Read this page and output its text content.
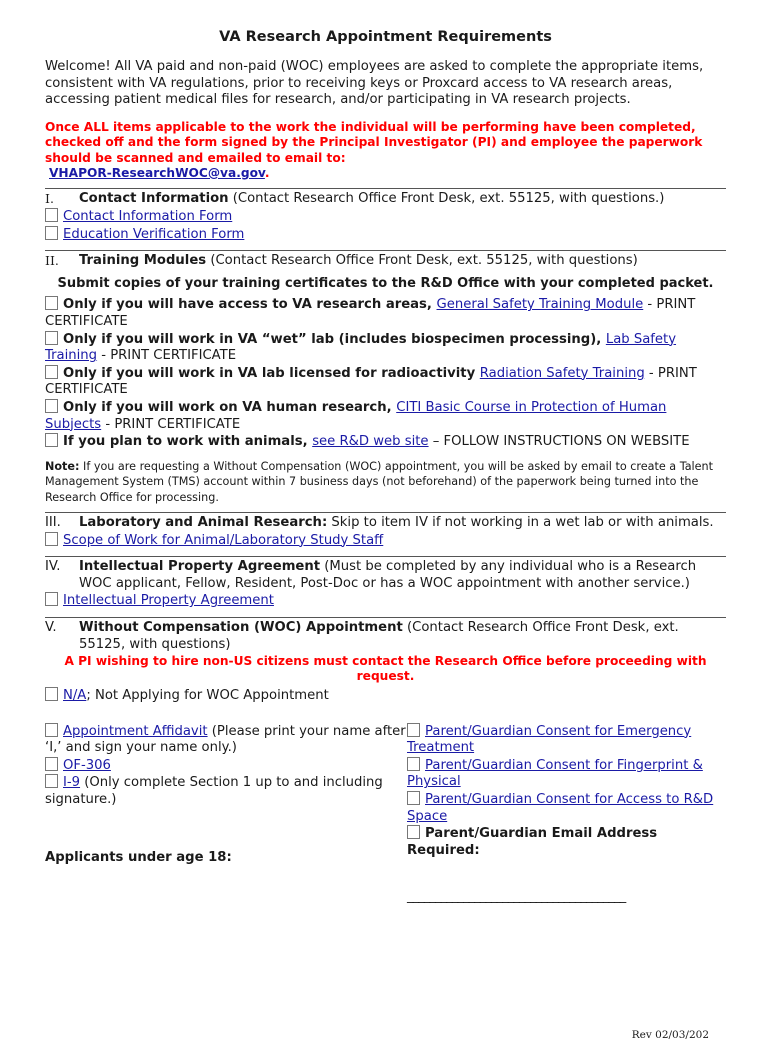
VA Research Appointment Requirements
Welcome! All VA paid and non-paid (WOC) employees are asked to complete the appropriate items, consistent with VA regulations, prior to receiving keys or Proxcard access to VA research areas, accessing patient medical files for research, and/or participating in VA research projects.
Once ALL items applicable to the work the individual will be performing have been completed, checked off and the form signed by the Principal Investigator (PI) and employee the paperwork should be scanned and emailed to email to:
VHAPOR-ResearchWOC@va.gov.
I.	Contact Information (Contact Research Office Front Desk, ext. 55125, with questions.)
Contact Information Form
Education Verification Form
II.	Training Modules (Contact Research Office Front Desk, ext. 55125, with questions)
Submit copies of your training certificates to the R&D Office with your completed packet.
Only if you will have access to VA research areas, General Safety Training Module - PRINT CERTIFICATE
Only if you will work in VA “wet” lab (includes biospecimen processing), Lab Safety Training - PRINT CERTIFICATE
Only if you will work in VA lab licensed for radioactivity Radiation Safety Training - PRINT CERTIFICATE
Only if you will work on VA human research, CITI Basic Course in Protection of Human Subjects - PRINT CERTIFICATE
If you plan to work with animals, see R&D web site – FOLLOW INSTRUCTIONS ON WEBSITE
Note: If you are requesting a Without Compensation (WOC) appointment, you will be asked by email to create a Talent Management System (TMS) account within 7 business days (not beforehand) of the paperwork being turned into the Research Office for processing.
III.	Laboratory and Animal Research: Skip to item IV if not working in a wet lab or with animals.
Scope of Work for Animal/Laboratory Study Staff
IV.	Intellectual Property Agreement (Must be completed by any individual who is a Research WOC applicant, Fellow, Resident, Post-Doc or has a WOC appointment with another service.)
Intellectual Property Agreement
V.	Without Compensation (WOC) Appointment (Contact Research Office Front Desk, ext. 55125, with questions)
A PI wishing to hire non-US citizens must contact the Research Office before proceeding with request.
N/A; Not Applying for WOC Appointment
Appointment Affidavit (Please print your name after ‘I,’ and sign your name only.)
OF-306
I-9 (Only complete Section 1 up to and including signature.)
Applicants under age 18:
Parent/Guardian Consent for Emergency Treatment
Parent/Guardian Consent for Fingerprint & Physical
Parent/Guardian Consent for Access to R&D Space
Parent/Guardian Email Address Required:
_______________________________________
Rev 02/03/202
